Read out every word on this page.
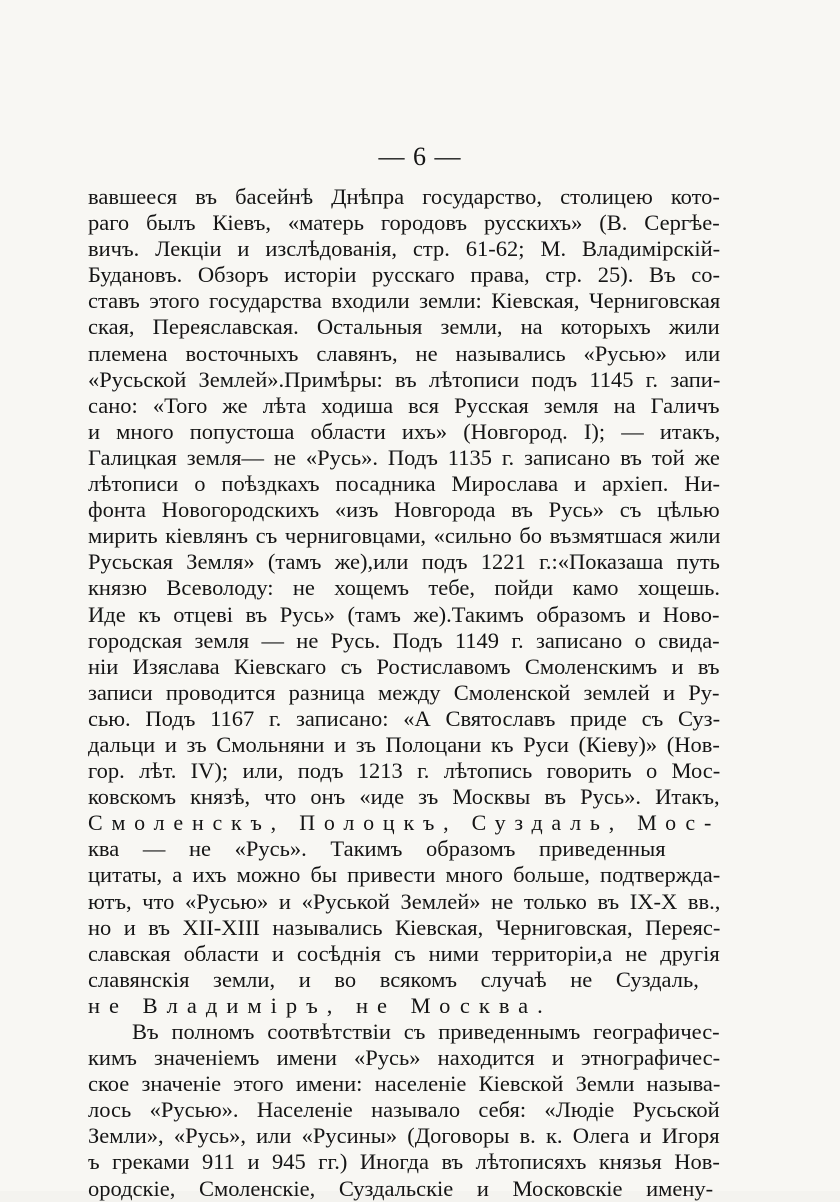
— 6 —
вавшееся въ басейнѣ Днѣпра государство, столицею кото-
раго былъ Кіевъ, «матерь городовъ русскихъ» (В. Сергѣе-
вичъ. Лекціи и изслѣдованія, стр. 61-62; М. Владимірскій-
Будановъ. Обзоръ исторіи русскаго права, стр. 25). Въ со-
ставъ этого государства входили земли: Кіевская, Черниговская
ская, Переяславская. Остальныя земли, на которыхъ жили
племена восточныхъ славянъ, не назывались «Русью» или
«Русьской Землей».Примѣры: въ лѣтописи подъ 1145 г. запи-
сано: «Того же лѣта ходиша вся Русская земля на Галичъ
и много попустоша области ихъ» (Новгород. I); — итакъ,
Галицкая земля— не «Русь». Подъ 1135 г. записано въ той же
лѣтописи о поѣздкахъ посадника Мирослава и архіеп. Ни-
фонта Новогородскихъ «изъ Новгорода въ Русь» съ цѣлью
мирить кіевлянъ съ черниговцами, «сильно бо възмятшася жили
Русьская Земля» (тамъ же),или подъ 1221 г.:«Показаша путь
князю Всеволоду: не хощемъ тебе, пойди камо хощешь.
Иде къ отцеві въ Русь» (тамъ же).Такимъ образомъ и Ново-
городская земля — не Русь. Подъ 1149 г. записано о свида-
ніи Изяслава Кіевскаго съ Ростиславомъ Смоленскимъ и въ
записи проводится разница между Смоленской землей и Ру-
сью. Подъ 1167 г. записано: «А Святославъ приде съ Суз-
дальци и зъ Смольняни и зъ Полоцани къ Руси (Кіеву)» (Нов-
гор. лѣт. IV); или, подъ 1213 г. лѣтопись говорить о Мос-
ковскомъ князѣ, что онъ «иде зъ Москвы въ Русь». Итакъ,
Смоленскъ, Полоцкъ, Суздаль, Мос-
ква — не «Русь». Такимъ образомъ приведенныя
цитаты, а ихъ можно бы привести много больше, подтвержда-
ютъ, что «Русью» и «Руськой Землей» не только въ IX-X вв.,
но и въ XII-XIII назывались Кіевская, Черниговская, Переяс-
славская области и сосѣднія съ ними территоріи,а не другія
славянскія земли, и во всякомъ случаѣ не Суздаль,
не Владиміръ, не Москва.
Въ полномъ соотвѣтствіи съ приведеннымъ географичес-
кимъ значеніемъ имени «Русь» находится и этнографичес-
ское значеніе этого имени: населеніе Кіевской Земли называ-
лось «Русью». Населеніе называло себя: «Людіе Русьской
Земли», «Русь», или «Русины» (Договоры в. к. Олега и Игоря
ъ греками 911 и 945 гг.) Иногда въ лѣтописяхъ князья Нов-
ородскіе, Смоленскіе, Суздальскіе и Московскіе имену-
